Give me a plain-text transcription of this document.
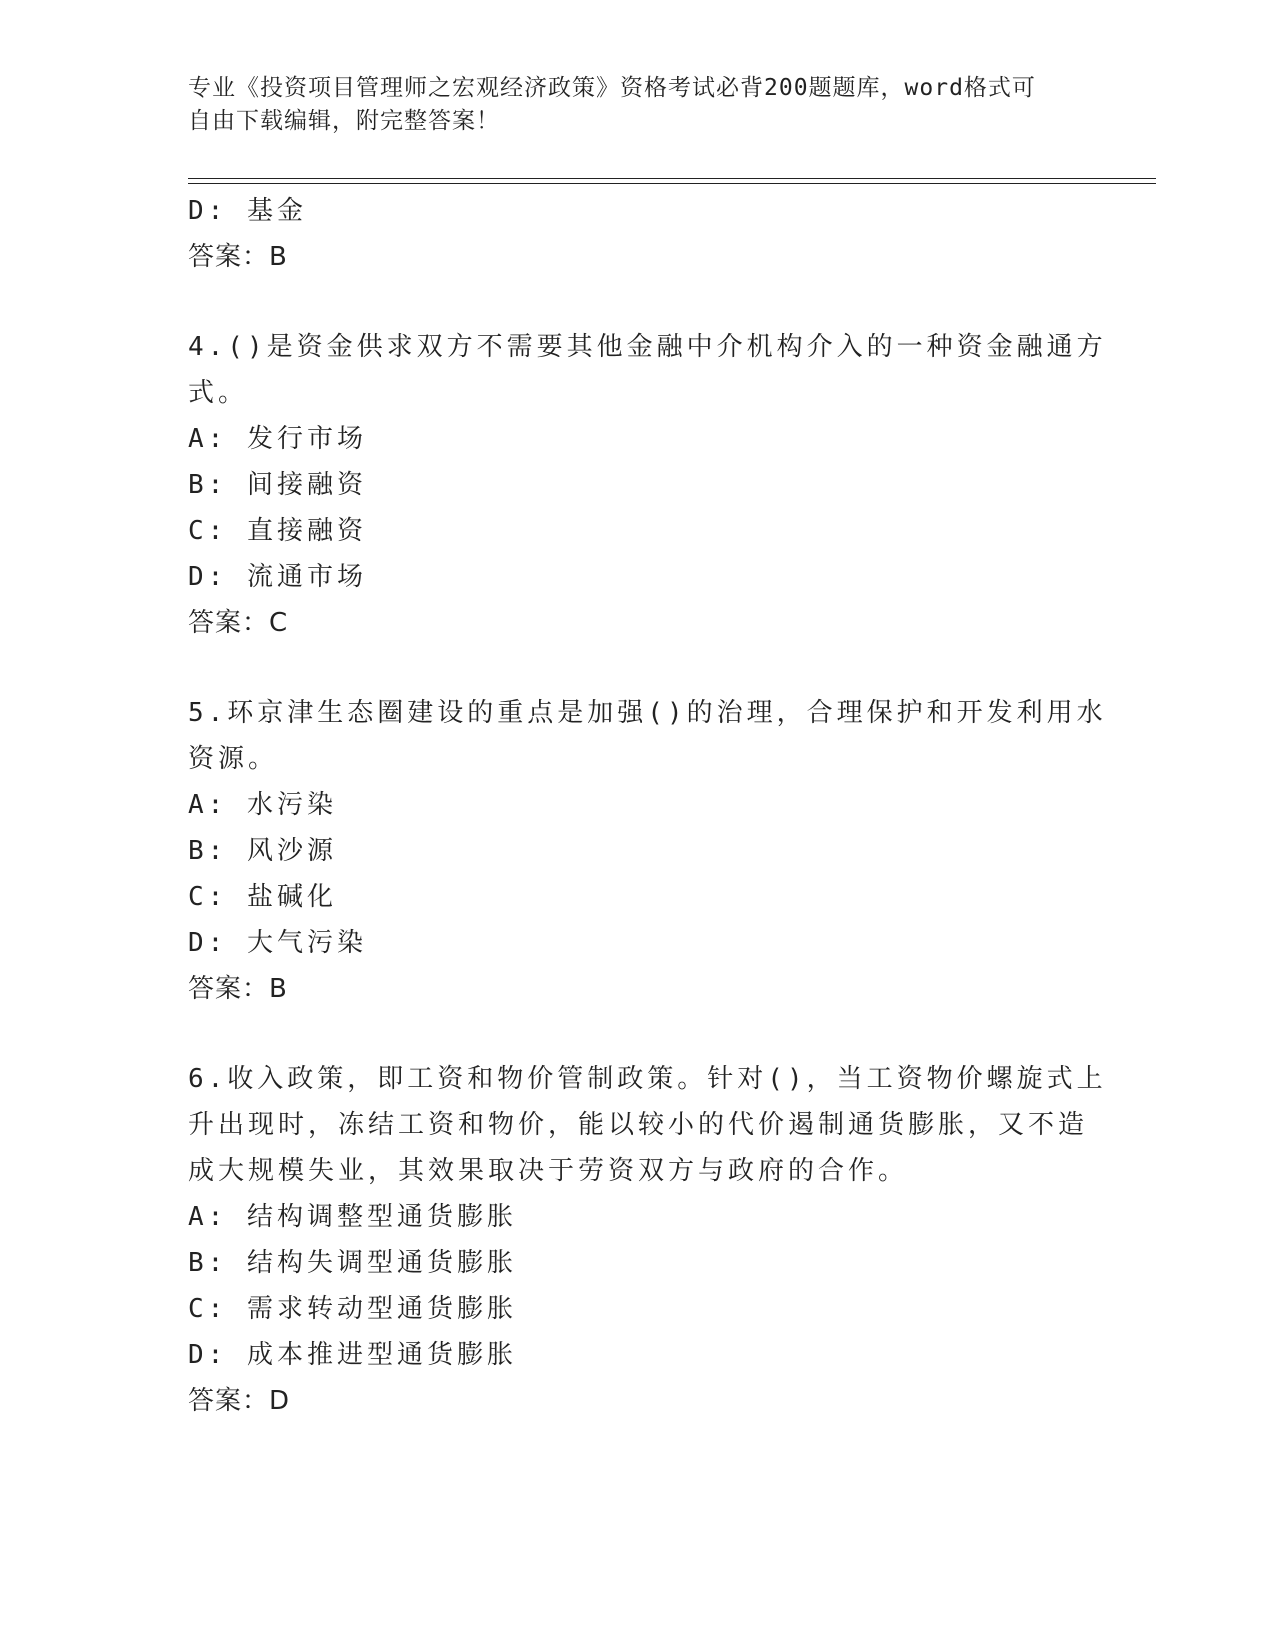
专业《投资项目管理师之宏观经济政策》资格考试必背200题题库，word格式可
自由下载编辑，附完整答案！
D: 基金
答案：B
4.()是资金供求双方不需要其他金融中介机构介入的一种资金融通方
式。
A: 发行市场
B: 间接融资
C: 直接融资
D: 流通市场
答案：C
5.环京津生态圈建设的重点是加强()的治理，合理保护和开发利用水
资源。
A: 水污染
B: 风沙源
C: 盐碱化
D: 大气污染
答案：B
6.收入政策，即工资和物价管制政策。针对()，当工资物价螺旋式上
升出现时，冻结工资和物价，能以较小的代价遏制通货膨胀，又不造
成大规模失业，其效果取决于劳资双方与政府的合作。
A: 结构调整型通货膨胀
B: 结构失调型通货膨胀
C: 需求转动型通货膨胀
D: 成本推进型通货膨胀
答案：D
